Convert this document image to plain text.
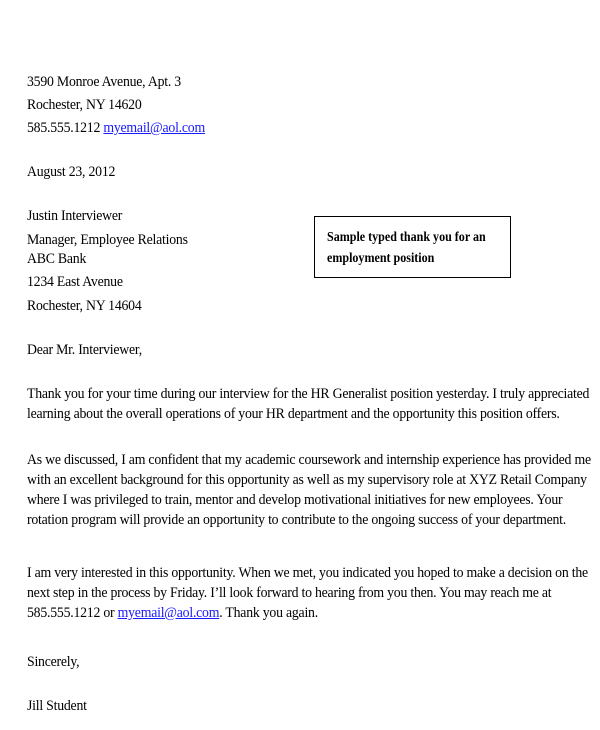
3590 Monroe Avenue, Apt. 3
Rochester, NY 14620
585.555.1212 myemail@aol.com
August 23, 2012
Justin Interviewer
Manager, Employee Relations
ABC Bank
1234 East Avenue
Rochester, NY 14604
Sample typed thank you for an
employment position
Dear Mr. Interviewer,
Thank you for your time during our interview for the HR Generalist position yesterday. I truly appreciated
learning about the overall operations of your HR department and the opportunity this position offers.
As we discussed, I am confident that my academic coursework and internship experience has provided me
with an excellent background for this opportunity as well as my supervisory role at XYZ Retail Company
where I was privileged to train, mentor and develop motivational initiatives for new employees. Your
rotation program will provide an opportunity to contribute to the ongoing success of your department.
I am very interested in this opportunity. When we met, you indicated you hoped to make a decision on the
next step in the process by Friday. I’ll look forward to hearing from you then. You may reach me at
585.555.1212 or myemail@aol.com. Thank you again.
Sincerely,
Jill Student
